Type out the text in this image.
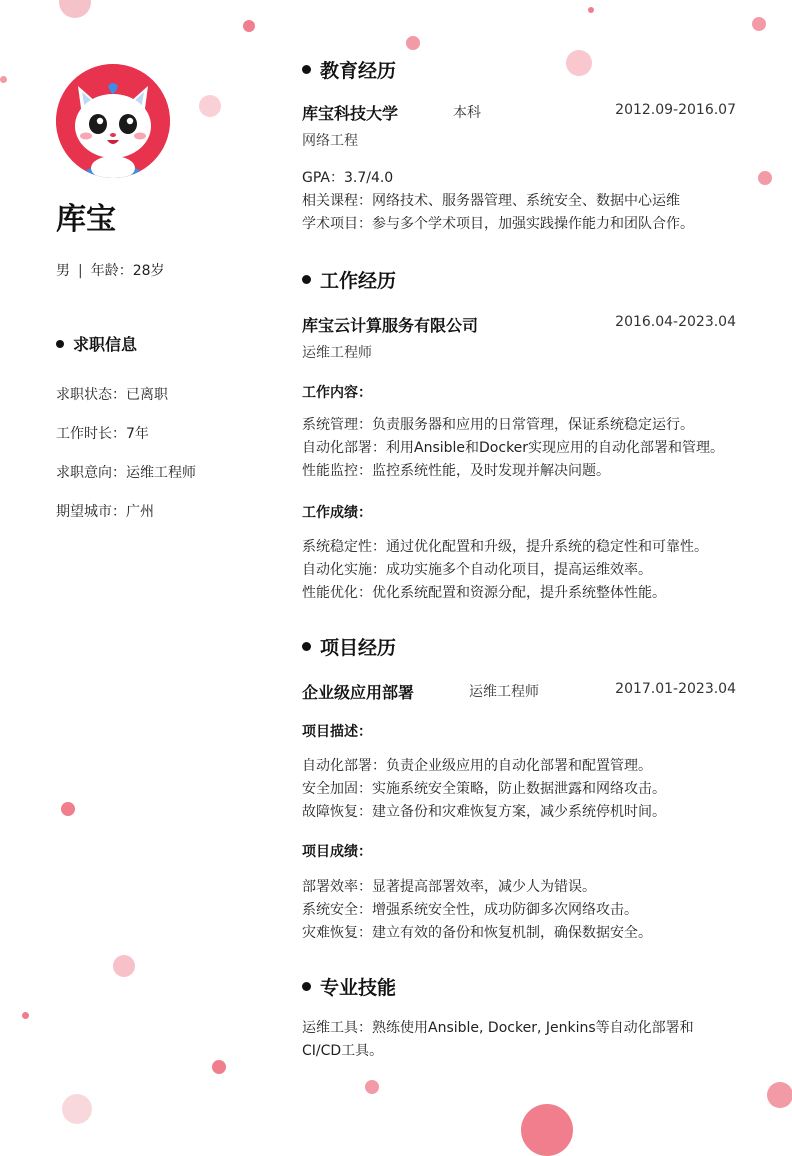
库宝
男 | 年龄：28岁
求职信息
求职状态：已离职
工作时长：7年
求职意向：运维工程师
期望城市：广州
教育经历
库宝科技大学	本科	2012.09-2016.07
网络工程
GPA：3.7/4.0
相关课程：网络技术、服务器管理、系统安全、数据中心运维
学术项目：参与多个学术项目，加强实践操作能力和团队合作。
工作经历
库宝云计算服务有限公司	2016.04-2023.04
运维工程师
工作内容：
系统管理：负责服务器和应用的日常管理，保证系统稳定运行。
自动化部署：利用Ansible和Docker实现应用的自动化部署和管理。
性能监控：监控系统性能，及时发现并解决问题。
工作成绩：
系统稳定性：通过优化配置和升级，提升系统的稳定性和可靠性。
自动化实施：成功实施多个自动化项目，提高运维效率。
性能优化：优化系统配置和资源分配，提升系统整体性能。
项目经历
企业级应用部署	运维工程师	2017.01-2023.04
项目描述：
自动化部署：负责企业级应用的自动化部署和配置管理。
安全加固：实施系统安全策略，防止数据泄露和网络攻击。
故障恢复：建立备份和灾难恢复方案，减少系统停机时间。
项目成绩：
部署效率：显著提高部署效率，减少人为错误。
系统安全：增强系统安全性，成功防御多次网络攻击。
灾难恢复：建立有效的备份和恢复机制，确保数据安全。
专业技能
运维工具：熟练使用Ansible, Docker, Jenkins等自动化部署和CI/CD工具。
